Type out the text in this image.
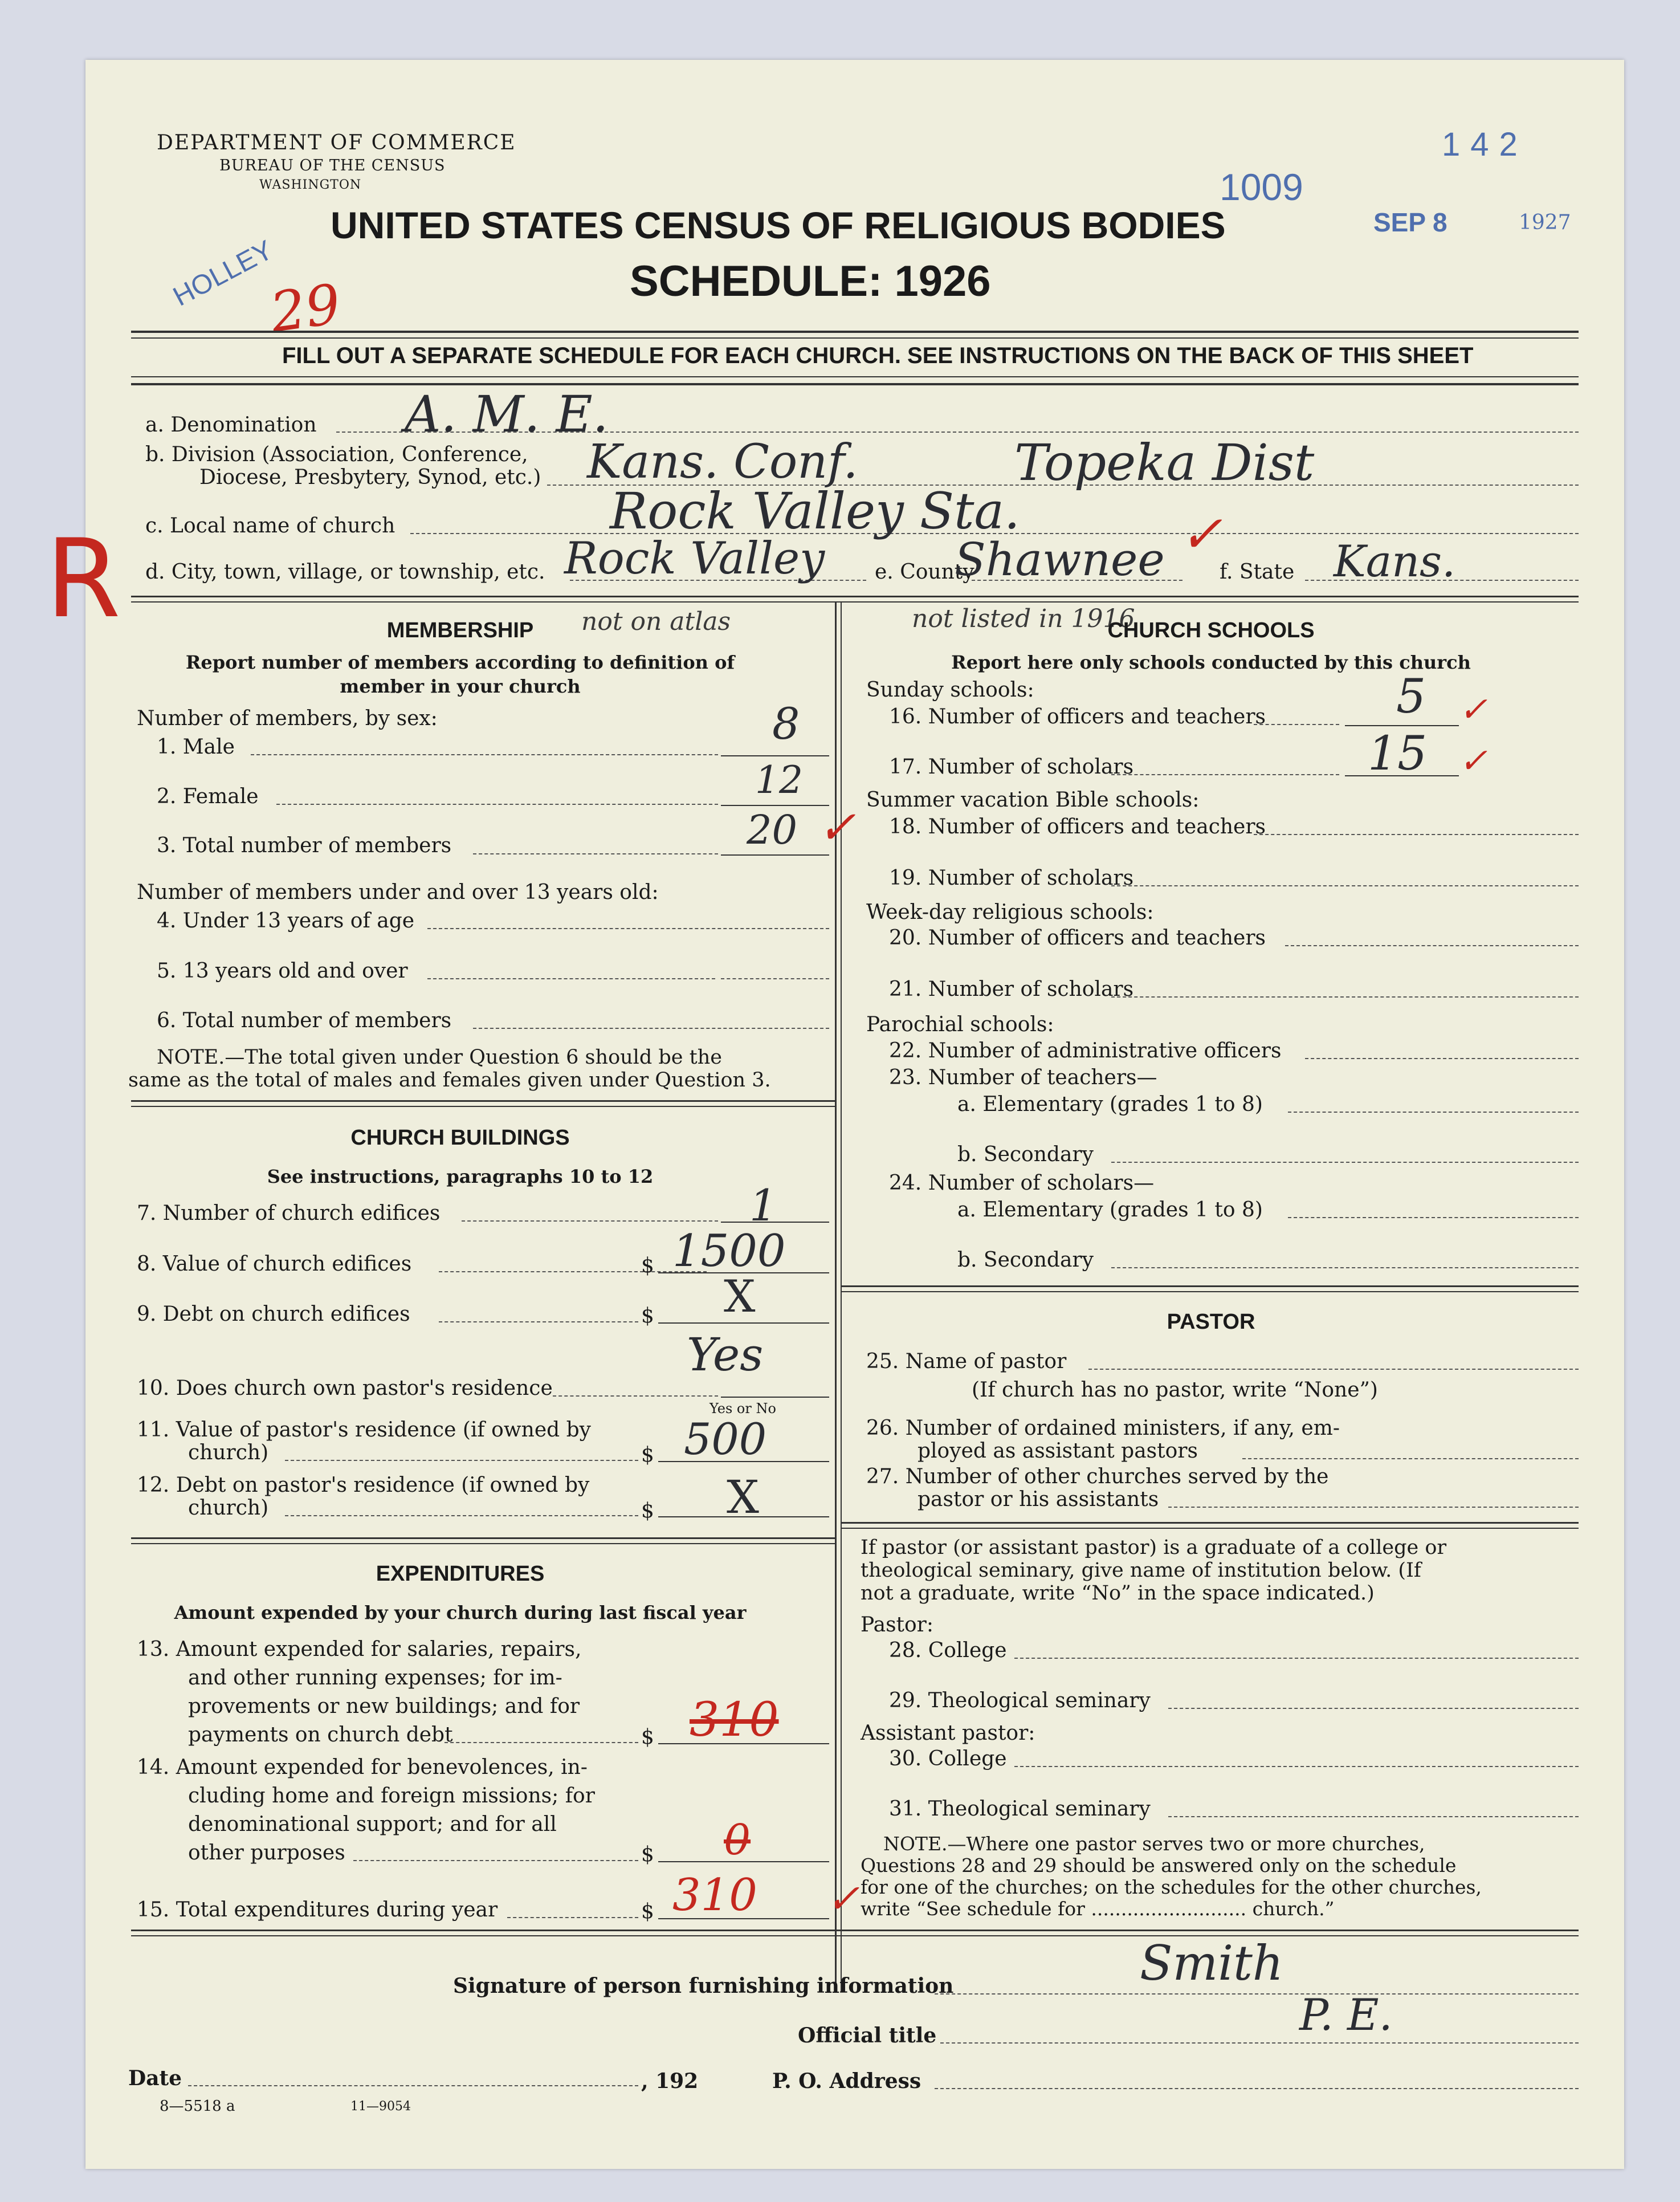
DEPARTMENT OF COMMERCE
BUREAU OF THE CENSUS
WASHINGTON
UNITED STATES CENSUS OF RELIGIOUS BODIES
SCHEDULE: 1926
1009
SEP 8	1927
142
HOLLEY
29
R
FILL OUT A SEPARATE SCHEDULE FOR EACH CHURCH. SEE INSTRUCTIONS ON THE BACK OF THIS SHEET
a. Denomination A. M. E.
b. Division (Association, Conference,
Diocese, Presbytery, Synod, etc.) Kans. Conf.	Topeka Dist
c. Local name of church	Rock Valley Sta.
d. City, town, village, or township, etc. Rock Valley e. County
Shawnee ✓
f. State Kans.
MEMBERSHIP	not on atlas	not listed in 1916
Report number of members according to definition of
member in your church
Number of members, by sex:
1. Male	8
2. Female	12
3. Total number of members	20 ✓
Number of members under and over 13 years old:
4. Under 13 years of age
5. 13 years old and over
6. Total number of members
NOTE.—The total given under Question 6 should be the
same as the total of males and females given under Question 3.
CHURCH BUILDINGS
See instructions, paragraphs 10 to 12
7. Number of church edifices	1
8. Value of church edifices	$ 1500
9. Debt on church edifices	$ X
10. Does church own pastor's residence
Yes
Yes or No
11. Value of pastor's residence (if owned by
church)	$ 500
12. Debt on pastor's residence (if owned by
church)	$ X
EXPENDITURES
Amount expended by your church during last fiscal year
13. Amount expended for salaries, repairs,
and other running expenses; for im-
provements or new buildings; and for
payments on church debt	$ 310
14. Amount expended for benevolences, in-
cluding home and foreign missions; for
denominational support; and for all
other purposes	$ 0
15. Total expenditures during year	$ 310 ✓
CHURCH SCHOOLS
Report here only schools conducted by this church
Sunday schools:
16. Number of officers and teachers	5 ✓
17. Number of scholars	15 ✓
Summer vacation Bible schools:
18. Number of officers and teachers
19. Number of scholars
Week-day religious schools:
20. Number of officers and teachers
21. Number of scholars
Parochial schools:
22. Number of administrative officers
23. Number of teachers—
a. Elementary (grades 1 to 8)
b. Secondary
24. Number of scholars—
a. Elementary (grades 1 to 8)
b. Secondary
PASTOR
25. Name of pastor
(If church has no pastor, write “None”)
26. Number of ordained ministers, if any, em-
ployed as assistant pastors
27. Number of other churches served by the
pastor or his assistants
If pastor (or assistant pastor) is a graduate of a college or
theological seminary, give name of institution below. (If
not a graduate, write “No” in the space indicated.)
Pastor:
28. College
29. Theological seminary
Assistant pastor:
30. College
31. Theological seminary
NOTE.—Where one pastor serves two or more churches,
Questions 28 and 29 should be answered only on the schedule
for one of the churches; on the schedules for the other churches,
write “See schedule for .......................... church.”
Signature of person furnishing information	Smith
Official title	P. E.
Date	, 192	P. O. Address
8—5518 a	11—9054
